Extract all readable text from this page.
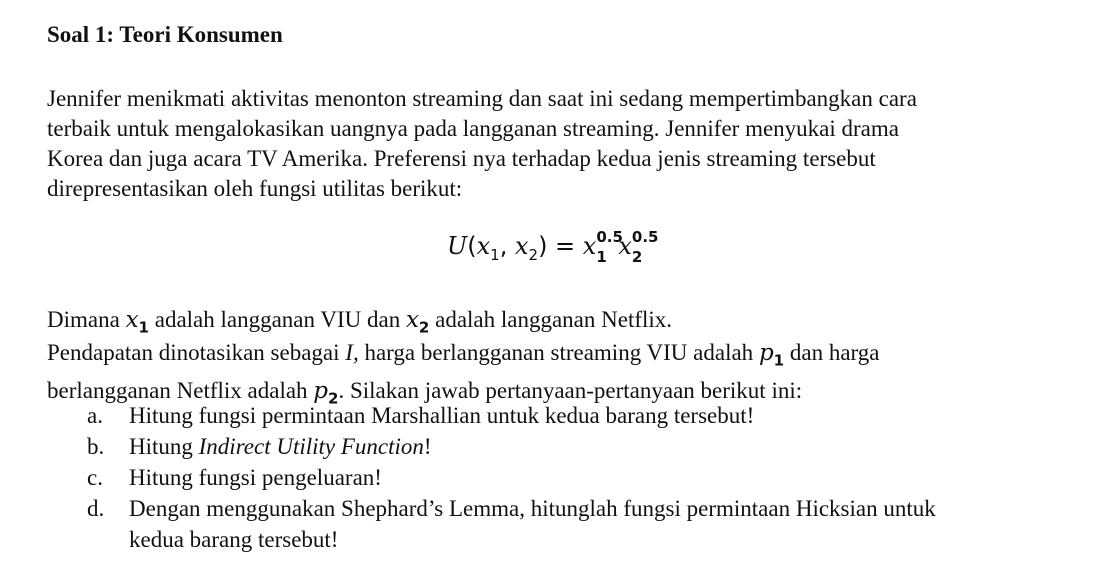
Soal 1: Teori Konsumen
Jennifer menikmati aktivitas menonton streaming dan saat ini sedang mempertimbangkan cara
terbaik untuk mengalokasikan uangnya pada langganan streaming. Jennifer menyukai drama
Korea dan juga acara TV Amerika. Preferensi nya terhadap kedua jenis streaming tersebut
direpresentasikan oleh fungsi utilitas berikut:
$U(x_1$, $x_2) = x$ 0.5
1 x 0.5
2
Dimana $x_1$ adalah langganan VIU dan $x_2$ adalah langganan Netflix.
Pendapatan dinotasikan sebagai I, harga berlangganan streaming VIU adalah $p_1$ dan harga
berlangganan Netflix adalah $p_2$. Silakan jawab pertanyaan-pertanyaan berikut ini:
a. Hitung fungsi permintaan Marshallian untuk kedua barang tersebut!
b. Hitung Indirect Utility Function!
c. Hitung fungsi pengeluaran!
d. Dengan menggunakan Shephard’s Lemma, hitunglah fungsi permintaan Hicksian untuk
kedua barang tersebut!
